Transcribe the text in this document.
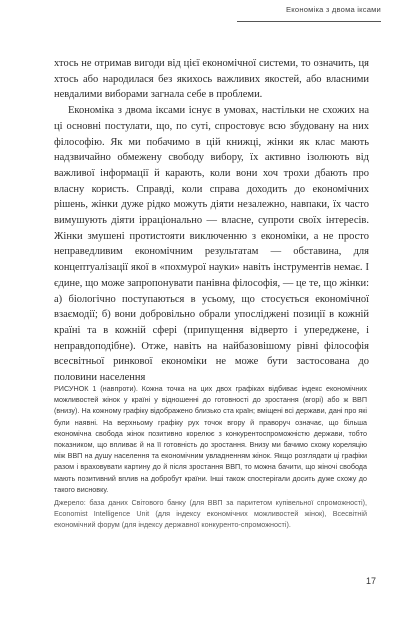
Економіка з двома іксами

хтось не отримав вигоди від цієї економічної системи, то означить, ця хтось або народилася без якихось важливих якостей, або власними невдалими виборами загнала себе в проблеми.

Економіка з двома іксами існує в умовах, настільки не схожих на ці основні постулати, що, по суті, спростовує всю збудовану на них філософію. Як ми побачимо в цій книжці, жінки як клас мають надзвичайно обмежену свободу вибору, їх активно ізолюють від важливої інформації й карають, коли вони хоч трохи дбають про власну користь. Справді, коли справа доходить до економічних рішень, жінки дуже рідко можуть діяти незалежно, навпаки, їх часто вимушують діяти ірраціонально — власне, супроти своїх інтересів. Жінки змушені протистояти виключенню з економіки, а не просто неправедливим економічним результатам — обставина, для концептуалізації якої в «похмурої науки» навіть інструментів немає. І єдине, що може запропонувати панівна філософія, — це те, що жінки: а) біологічно поступаються в усьому, що стосується економічної взаємодії; б) вони добровільно обрали упосліджені позиції в кожній країні та в кожній сфері (припущення відверто і упереджене, і неправдоподібне). Отже, навіть на найбазовішому рівні філософія всесвітньої ринкової економіки не може бути застосована до половини населення

РИСУНОК 1 (навпроти). Кожна точка на цих двох графіках відбиває індекс економічних можливостей жінок у країні у відношенні до готовності до зростання (вгорі) або ж ВВП (внизу). На кожному графіку відображено близько ста країн; вміщені всі держави, дані про які були наявні. На верхньому графіку рух точок вгору й праворуч означає, що більша економічна свобода жінок позитивно корелює з конкурентоспроможністю держави, тобто показником, що впливає й на її готовність до зростання. Внизу ми бачимо схожу кореляцію між ВВП на душу населення та економічним увладненням жінок. Якщо розглядати ці графіки разом і враховувати картину до й після зростання ВВП, то можна бачити, що жіночі свобода мають позитивний вплив на добробут країни. Інші також спостерігали досить дуже схожу до такого висновку.

Джерело: база даних Світового банку (для ВВП за паритетом купівельної спроможності), Economist Intelligence Unit (для індексу економічних можливостей жінок), Всесвітній економічний форум (для індексу державної конкуренто-спроможності).

17
